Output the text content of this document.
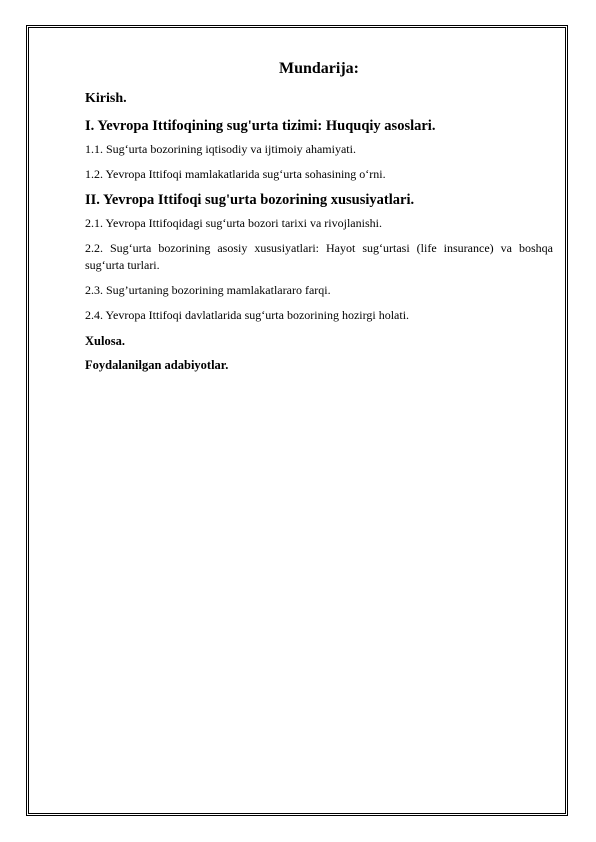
Mundarija:

Kirish.

I. Yevropa Ittifoqining sug'urta tizimi: Huquqiy asoslari.

1.1. Sug‘urta bozorining iqtisodiy va ijtimoiy ahamiyati.

1.2. Yevropa Ittifoqi mamlakatlarida sug‘urta sohasining o‘rni.

II. Yevropa Ittifoqi sug'urta bozorining xususiyatlari.

2.1. Yevropa Ittifoqidagi sug‘urta bozori tarixi va rivojlanishi.

2.2. Sug‘urta bozorining asosiy xususiyatlari: Hayot sug‘urtasi (life insurance) va boshqa sug‘urta turlari.

2.3. Sug’urtaning bozorining mamlakatlararo farqi.

2.4. Yevropa Ittifoqi davlatlarida sug‘urta bozorining hozirgi holati.

Xulosa.

Foydalanilgan adabiyotlar.
